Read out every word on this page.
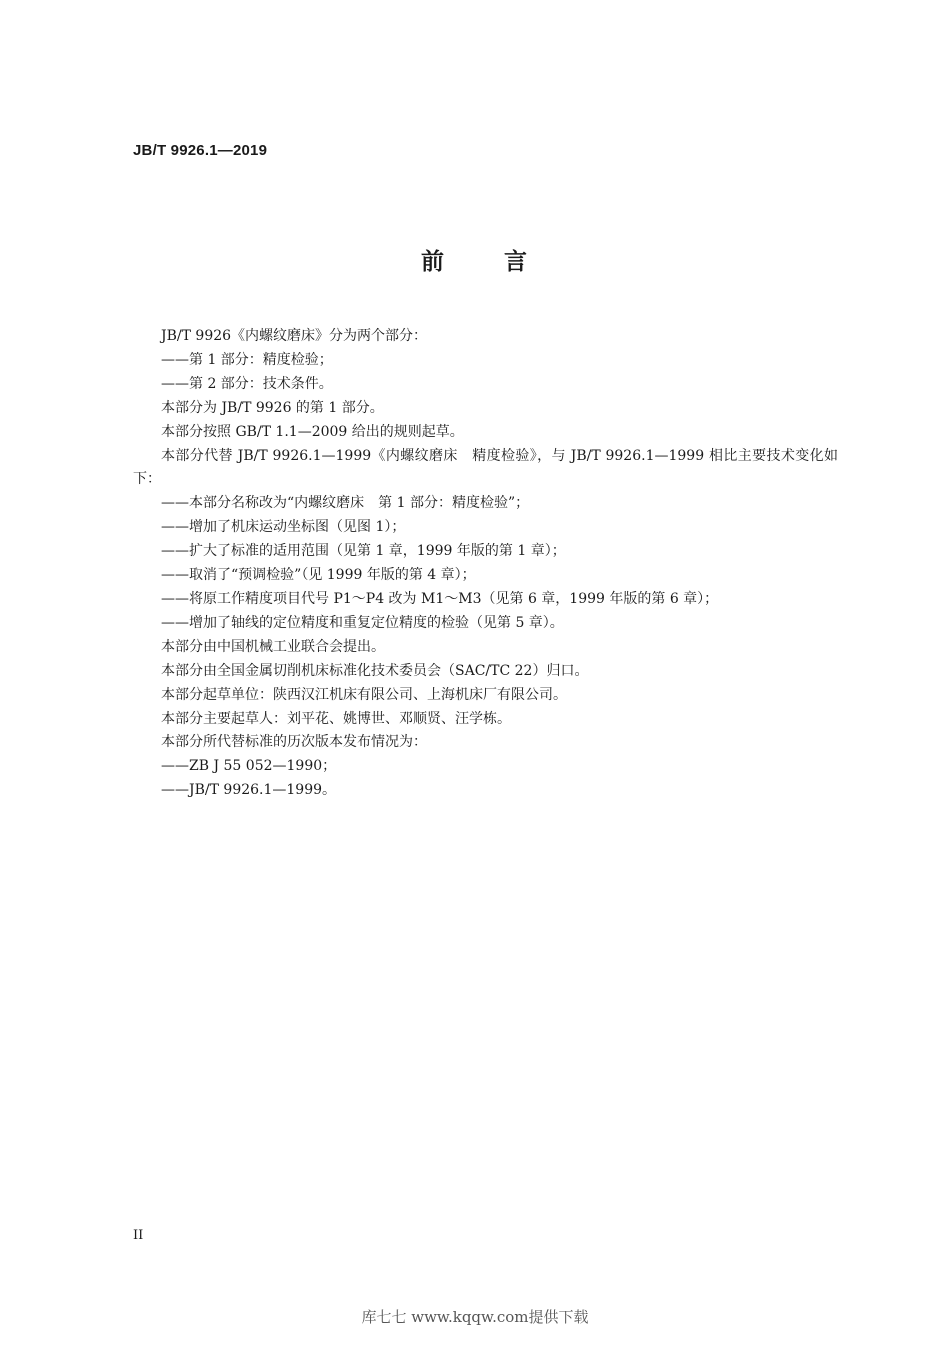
JB/T 9926.1—2019
前	言

JB/T 9926《内螺纹磨床》分为两个部分：

——第 1 部分：精度检验；

——第 2 部分：技术条件。

本部分为 JB/T 9926 的第 1 部分。

本部分按照 GB/T 1.1—2009 给出的规则起草。

本部分代替 JB/T 9926.1—1999《内螺纹磨床　精度检验》，与 JB/T 9926.1—1999 相比主要技术变化如下：

——本部分名称改为“内螺纹磨床　第 1 部分：精度检验”；

——增加了机床运动坐标图（见图 1）；

——扩大了标准的适用范围（见第 1 章，1999 年版的第 1 章）；

——取消了“预调检验”（见 1999 年版的第 4 章）；

——将原工作精度项目代号 P1～P4 改为 M1～M3（见第 6 章，1999 年版的第 6 章）；

——增加了轴线的定位精度和重复定位精度的检验（见第 5 章）。

本部分由中国机械工业联合会提出。

本部分由全国金属切削机床标准化技术委员会（SAC/TC 22）归口。

本部分起草单位：陕西汉江机床有限公司、上海机床厂有限公司。

本部分主要起草人：刘平花、姚博世、邓顺贤、汪学栋。

本部分所代替标准的历次版本发布情况为：

——ZB J 55 052—1990；

——JB/T 9926.1—1999。

II
库七七 www.kqqw.com提供下载
